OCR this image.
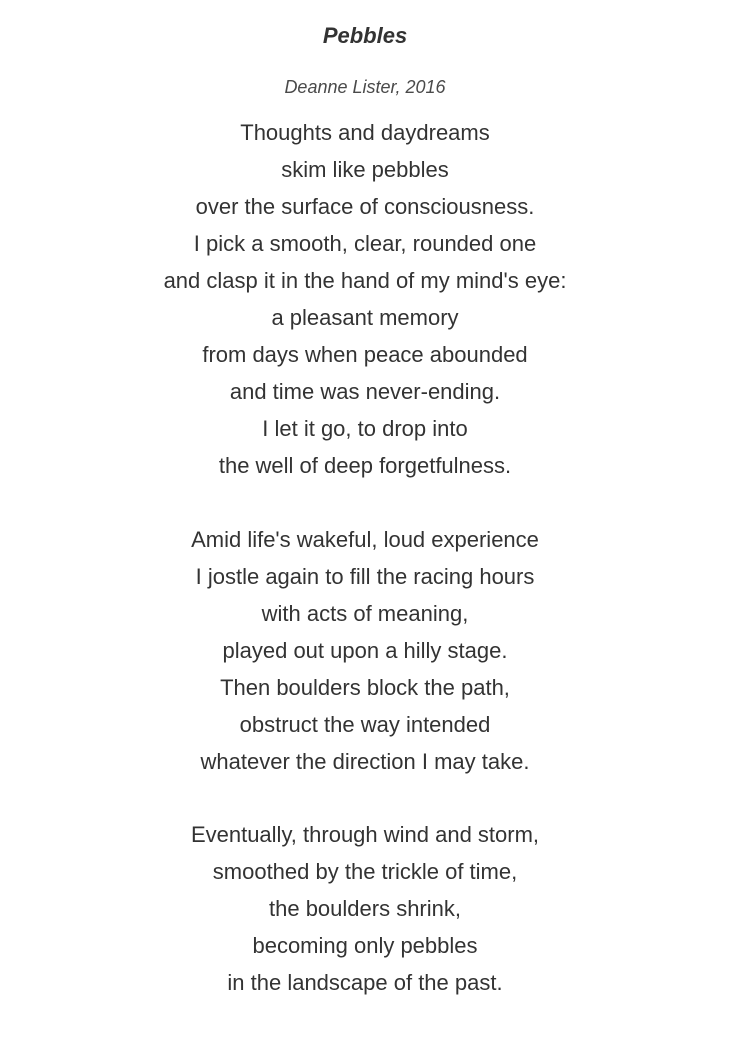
Pebbles

Deanne Lister, 2016

Thoughts and daydreams
skim like pebbles
over the surface of consciousness.
I pick a smooth, clear, rounded one
and clasp it in the hand of my mind's eye:
a pleasant memory
from days when peace abounded
and time was never-ending.
I let it go, to drop into
the well of deep forgetfulness.
Amid life's wakeful, loud experience
I jostle again to fill the racing hours
with acts of meaning,
played out upon a hilly stage.
Then boulders block the path,
obstruct the way intended
whatever the direction I may take.
Eventually, through wind and storm,
smoothed by the trickle of time,
the boulders shrink,
becoming only pebbles
in the landscape of the past.
